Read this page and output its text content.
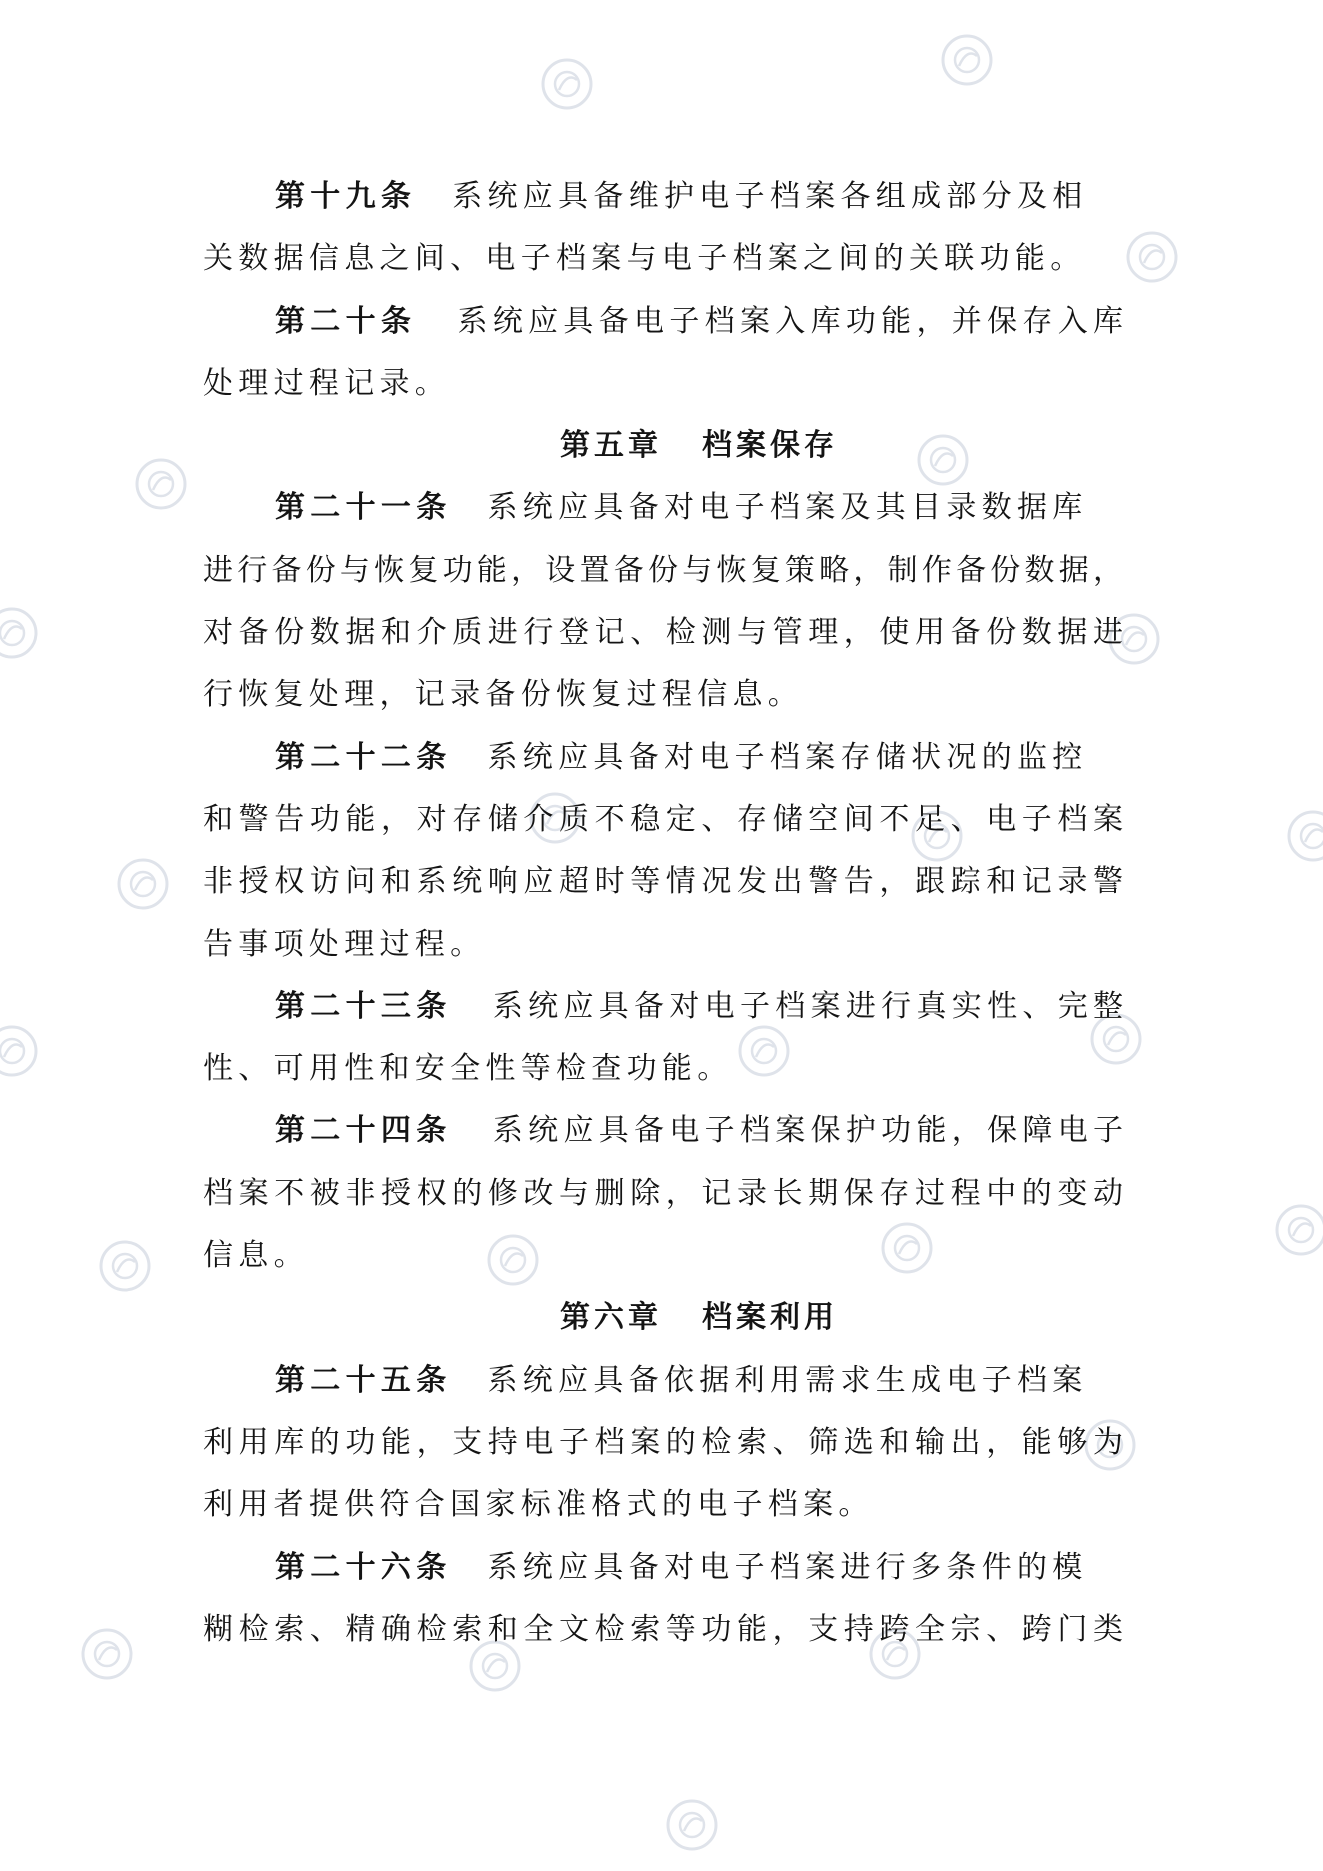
第十九条 系统应具备维护电子档案各组成部分及相
关数据信息之间、电子档案与电子档案之间的关联功能。
第二十条 系统应具备电子档案入库功能，并保存入库
处理过程记录。
第五章 档案保存
第二十一条 系统应具备对电子档案及其目录数据库
进行备份与恢复功能，设置备份与恢复策略，制作备份数据，
对备份数据和介质进行登记、检测与管理，使用备份数据进
行恢复处理，记录备份恢复过程信息。
第二十二条 系统应具备对电子档案存储状况的监控
和警告功能，对存储介质不稳定、存储空间不足、电子档案
非授权访问和系统响应超时等情况发出警告，跟踪和记录警
告事项处理过程。
第二十三条 系统应具备对电子档案进行真实性、完整
性、可用性和安全性等检查功能。
第二十四条 系统应具备电子档案保护功能，保障电子
档案不被非授权的修改与删除，记录长期保存过程中的变动
信息。
第六章 档案利用
第二十五条 系统应具备依据利用需求生成电子档案
利用库的功能，支持电子档案的检索、筛选和输出，能够为
利用者提供符合国家标准格式的电子档案。
第二十六条 系统应具备对电子档案进行多条件的模
糊检索、精确检索和全文检索等功能，支持跨全宗、跨门类
